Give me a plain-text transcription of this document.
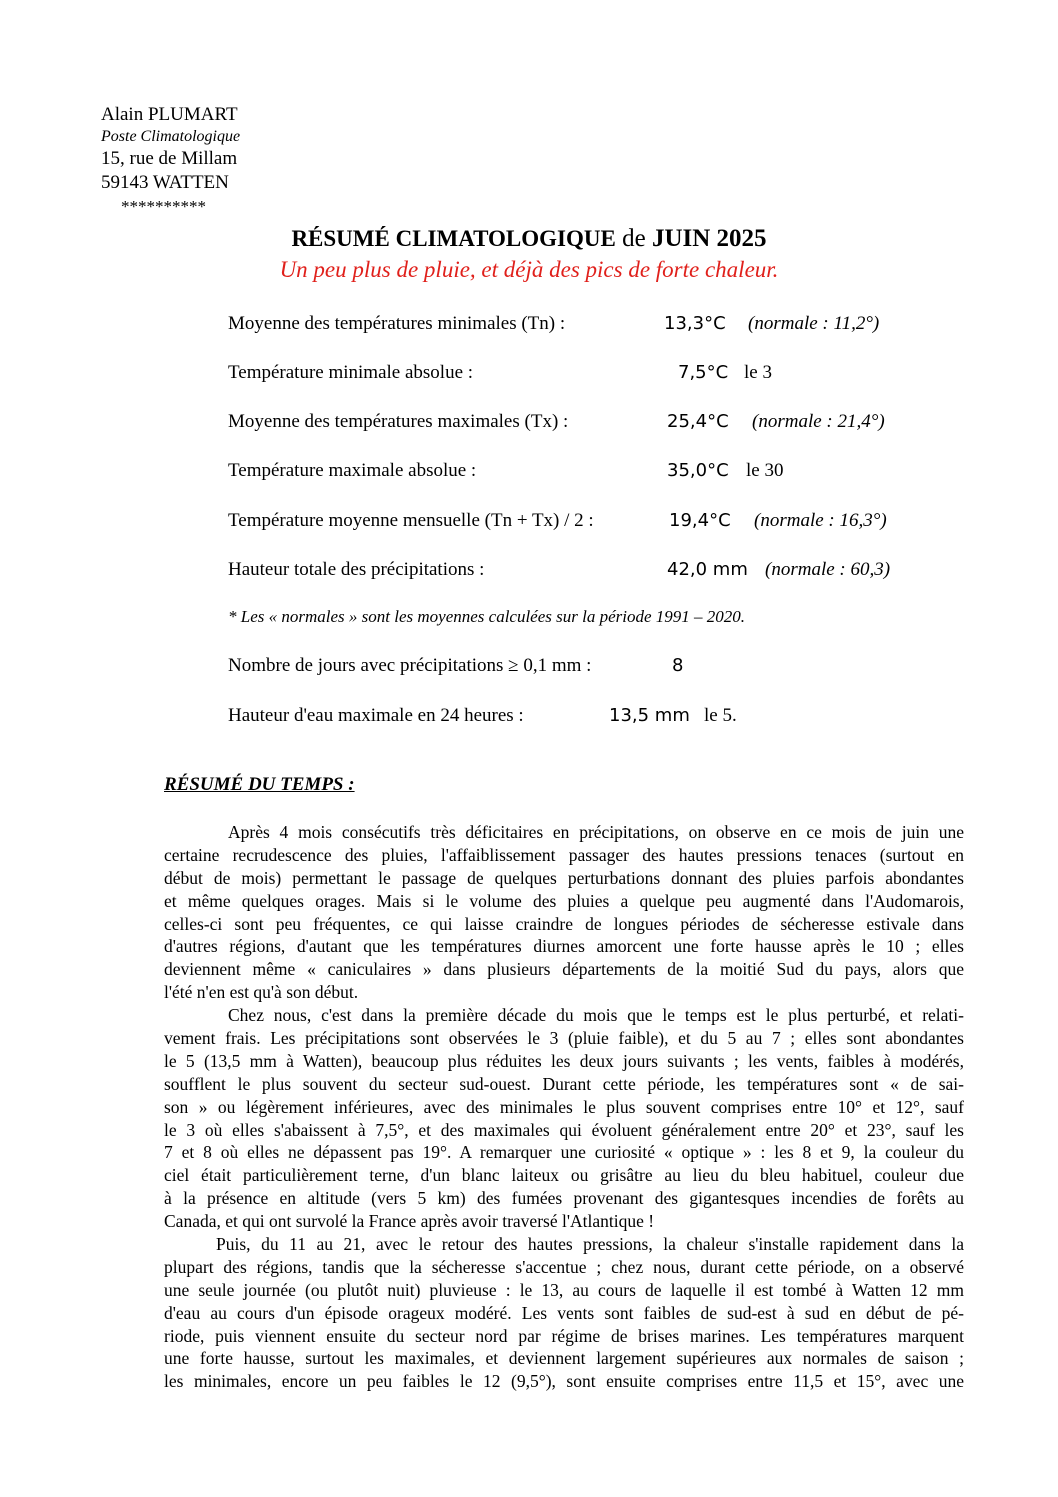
Alain PLUMART
Poste Climatologique
15, rue de Millam
59143 WATTEN
**********
RÉSUMÉ CLIMATOLOGIQUE de JUIN 2025
Un peu plus de pluie, et déjà des pics de forte chaleur.
Moyenne des températures minimales (Tn) :	13,3°C (normale : 11,2°)
Température minimale absolue :	7,5°C le 3
Moyenne des températures maximales (Tx) :	25,4°C (normale : 21,4°)
Température maximale absolue :	35,0°C le 30
Température moyenne mensuelle (Tn + Tx) / 2 :	19,4°C (normale : 16,3°)
Hauteur totale des précipitations :	42,0 mm (normale : 60,3)
* Les « normales » sont les moyennes calculées sur la période 1991 – 2020.
Nombre de jours avec précipitations ≥ 0,1 mm :	8
Hauteur d'eau maximale en 24 heures :	13,5 mm le 5.
RÉSUMÉ DU TEMPS :
Après 4 mois consécutifs très déficitaires en précipitations, on observe en ce mois de juin une
certaine recrudescence des pluies, l'affaiblissement passager des hautes pressions tenaces (surtout en
début de mois) permettant le passage de quelques perturbations donnant des pluies parfois abondantes
et même quelques orages. Mais si le volume des pluies a quelque peu augmenté dans l'Audomarois,
celles-ci sont peu fréquentes, ce qui laisse craindre de longues périodes de sécheresse estivale dans
d'autres régions, d'autant que les températures diurnes amorcent une forte hausse après le 10 ; elles
deviennent même « caniculaires » dans plusieurs départements de la moitié Sud du pays, alors que
l'été n'en est qu'à son début.
Chez nous, c'est dans la première décade du mois que le temps est le plus perturbé, et relati-
vement frais. Les précipitations sont observées le 3 (pluie faible), et du 5 au 7 ; elles sont abondantes
le 5 (13,5 mm à Watten), beaucoup plus réduites les deux jours suivants ; les vents, faibles à modérés,
soufflent le plus souvent du secteur sud-ouest. Durant cette période, les températures sont « de sai-
son » ou légèrement inférieures, avec des minimales le plus souvent comprises entre 10° et 12°, sauf
le 3 où elles s'abaissent à 7,5°, et des maximales qui évoluent généralement entre 20° et 23°, sauf les
7 et 8 où elles ne dépassent pas 19°. A remarquer une curiosité « optique » : les 8 et 9, la couleur du
ciel était particulièrement terne, d'un blanc laiteux ou grisâtre au lieu du bleu habituel, couleur due
à la présence en altitude (vers 5 km) des fumées provenant des gigantesques incendies de forêts au
Canada, et qui ont survolé la France après avoir traversé l'Atlantique !
Puis, du 11 au 21, avec le retour des hautes pressions, la chaleur s'installe rapidement dans la
plupart des régions, tandis que la sécheresse s'accentue ; chez nous, durant cette période, on a observé
une seule journée (ou plutôt nuit) pluvieuse : le 13, au cours de laquelle il est tombé à Watten 12 mm
d'eau au cours d'un épisode orageux modéré. Les vents sont faibles de sud-est à sud en début de pé-
riode, puis viennent ensuite du secteur nord par régime de brises marines. Les températures marquent
une forte hausse, surtout les maximales, et deviennent largement supérieures aux normales de saison ;
les minimales, encore un peu faibles le 12 (9,5°), sont ensuite comprises entre 11,5 et 15°, avec une
